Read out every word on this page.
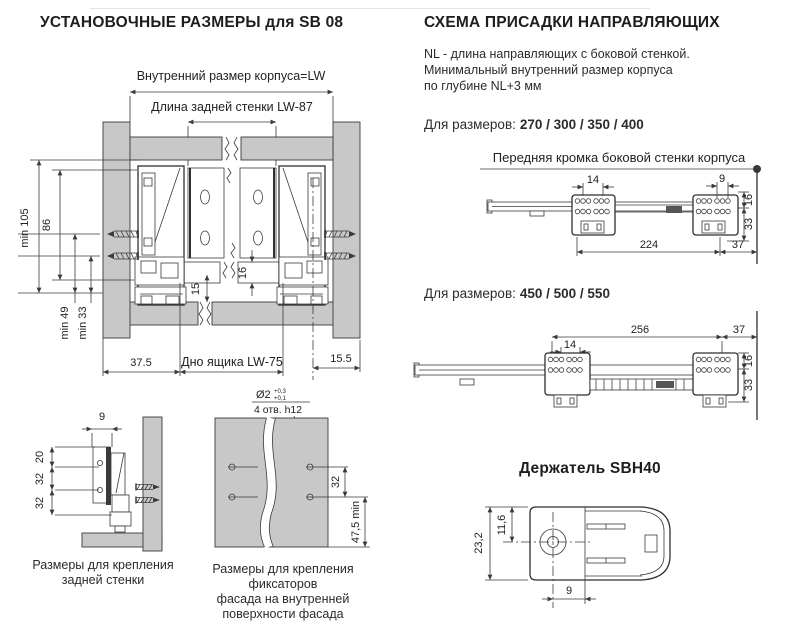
УСТАНОВОЧНЫЕ РАЗМЕРЫ для SB 08
Внутренний размер корпуса=LW
Длина задней стенки LW-87
min 105 86
min 49 min 33
16
15
37.5 Дно ящика LW-75	15.5
9
20
32
32
Размеры для крепления
задней стенки
Ø2 +0,3 +0,1
4 отв. h12
32
47,5 min
Размеры для крепления фиксаторов
фасада на внутренней
поверхности фасада
СХЕМА ПРИСАДКИ НАПРАВЛЯЮЩИХ
NL - длина направляющих с боковой стенкой.
Минимальный внутренний размер корпуса
по глубине NL+3 мм
Для размеров: 270 / 300 / 350 / 400
Передняя кромка боковой стенки корпуса
14	9
224	37
16
33
Для размеров: 450 / 500 / 550
256	37
14
16
33
Держатель SBH40
23,2
11,6
9
